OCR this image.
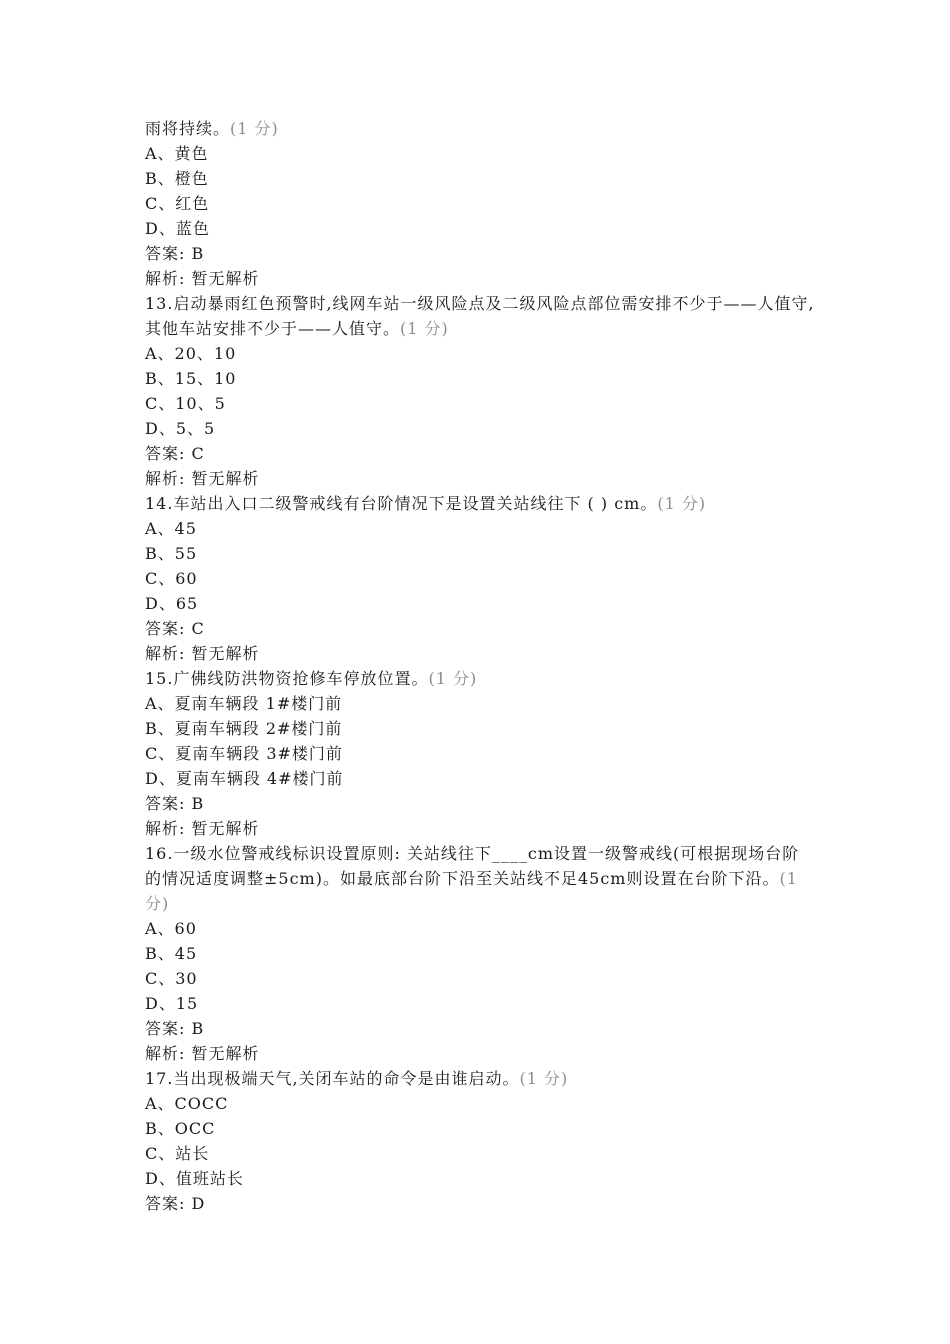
雨将持续。(1 分)
A、黄色
B、橙色
C、红色
D、蓝色
答案: B
解析: 暂无解析
13.启动暴雨红色预警时,线网车站一级风险点及二级风险点部位需安排不少于——人值守,其他车站安排不少于——人值守。(1 分)
A、20、10
B、15、10
C、10、5
D、5、5
答案: C
解析: 暂无解析
14.车站出入口二级警戒线有台阶情况下是设置关站线往下 ( ) cm。(1 分)
A、45
B、55
C、60
D、65
答案: C
解析: 暂无解析
15.广佛线防洪物资抢修车停放位置。(1 分)
A、夏南车辆段 1#楼门前
B、夏南车辆段 2#楼门前
C、夏南车辆段 3#楼门前
D、夏南车辆段 4#楼门前
答案: B
解析: 暂无解析
16.一级水位警戒线标识设置原则: 关站线往下____cm设置一级警戒线(可根据现场台阶的情况适度调整±5cm)。如最底部台阶下沿至关站线不足45cm则设置在台阶下沿。(1 分)
A、60
B、45
C、30
D、15
答案: B
解析: 暂无解析
17.当出现极端天气,关闭车站的命令是由谁启动。(1 分)
A、COCC
B、OCC
C、站长
D、值班站长
答案: D
